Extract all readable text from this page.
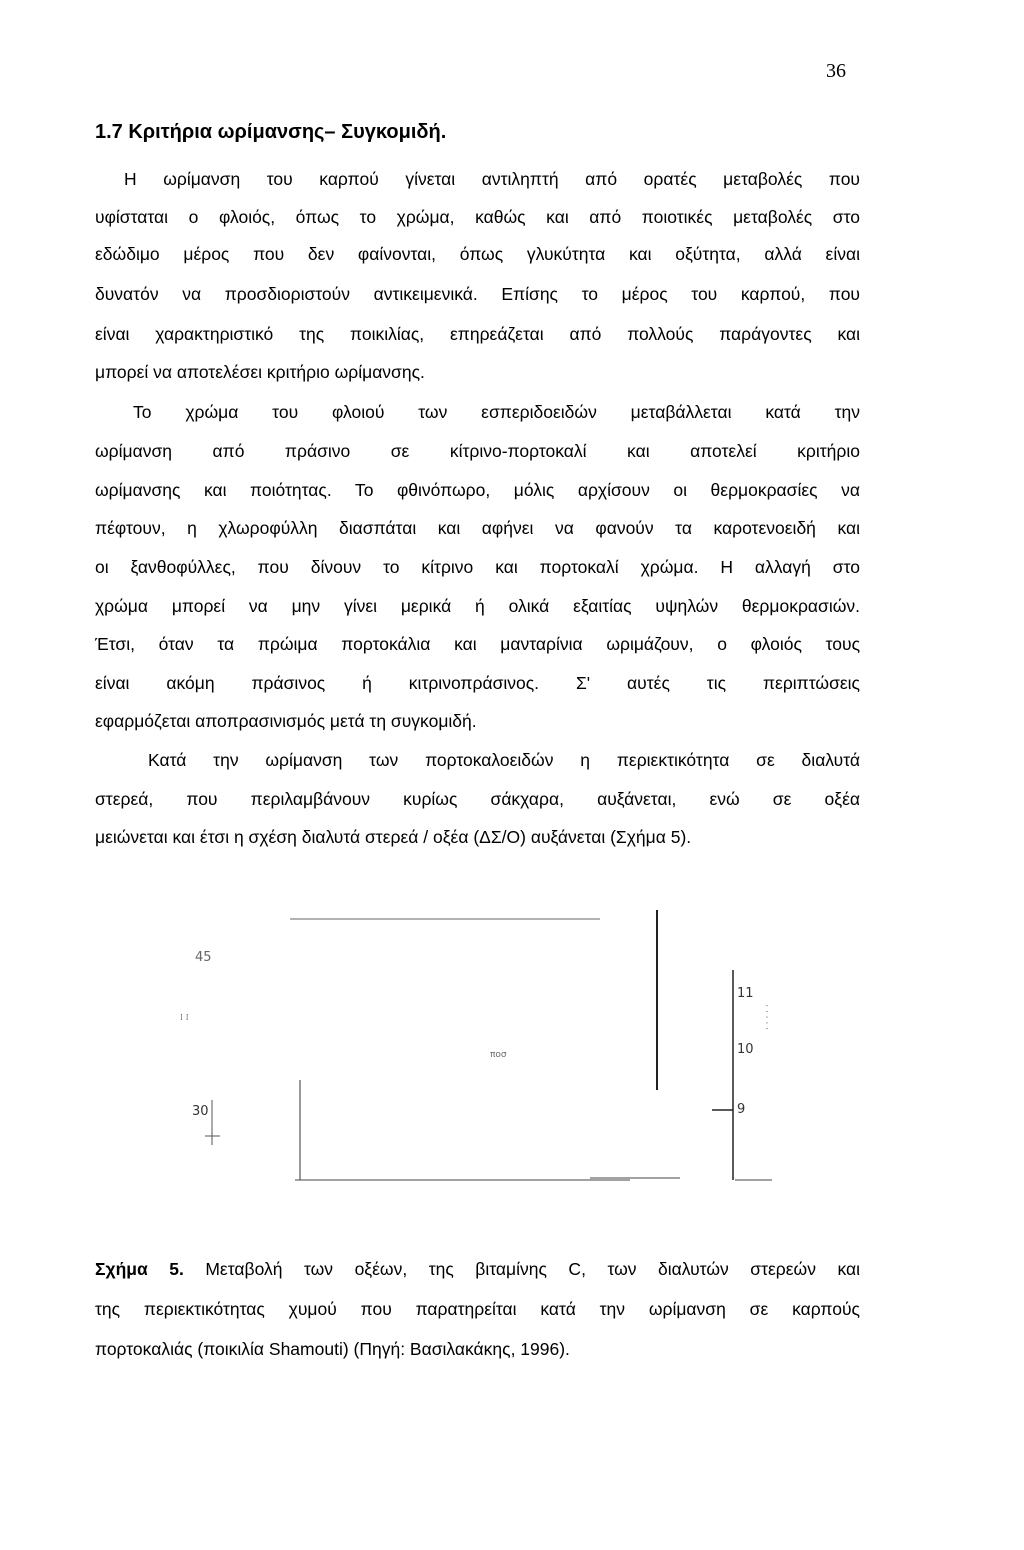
36
1.7 Κριτήρια ωρίμανσης– Συγκομιδή.
Η ωρίμανση του καρπού γίνεται αντιληπτή από ορατές μεταβολές που
υφίσταται ο φλοιός, όπως το χρώμα, καθώς και από ποιοτικές μεταβολές στο
εδώδιμο μέρος που δεν φαίνονται, όπως γλυκύτητα και οξύτητα, αλλά είναι
δυνατόν να προσδιοριστούν αντικειμενικά. Επίσης το μέρος του καρπού, που
είναι χαρακτηριστικό της ποικιλίας, επηρεάζεται από πολλούς παράγοντες και
μπορεί να αποτελέσει κριτήριο ωρίμανσης.
Το χρώμα του φλοιού των εσπεριδοειδών μεταβάλλεται κατά την
ωρίμανση από πράσινο σε κίτρινο-πορτοκαλί και αποτελεί κριτήριο
ωρίμανσης και ποιότητας. Το φθινόπωρο, μόλις αρχίσουν οι θερμοκρασίες να
πέφτουν, η χλωροφύλλη διασπάται και αφήνει να φανούν τα καροτενοειδή και
οι ξανθοφύλλες, που δίνουν το κίτρινο και πορτοκαλί χρώμα. Η αλλαγή στο
χρώμα μπορεί να μην γίνει μερικά ή ολικά εξαιτίας υψηλών θερμοκρασιών.
Έτσι, όταν τα πρώιμα πορτοκάλια και μανταρίνια ωριμάζουν, ο φλοιός τους
είναι ακόμη πράσινος ή κιτρινοπράσινος. Σ' αυτές τις περιπτώσεις
εφαρμόζεται αποπρασινισμός μετά τη συγκομιδή.
Κατά την ωρίμανση των πορτοκαλοειδών η περιεκτικότητα σε διαλυτά
στερεά, που περιλαμβάνουν κυρίως σάκχαρα, αυξάνεται, ενώ σε οξέα
μειώνεται και έτσι η σχέση διαλυτά στερεά / οξέα (ΔΣ/Ο) αυξάνεται (Σχήμα 5).
· · · · ·
⁞ ⁞
45
30
ποσ
11
10
9
Σχήμα 5. Μεταβολή των οξέων, της βιταμίνης C, των διαλυτών στερεών και
της περιεκτικότητας χυμού που παρατηρείται κατά την ωρίμανση σε καρπούς
πορτοκαλιάς (ποικιλία Shamouti) (Πηγή: Βασιλακάκης, 1996).
